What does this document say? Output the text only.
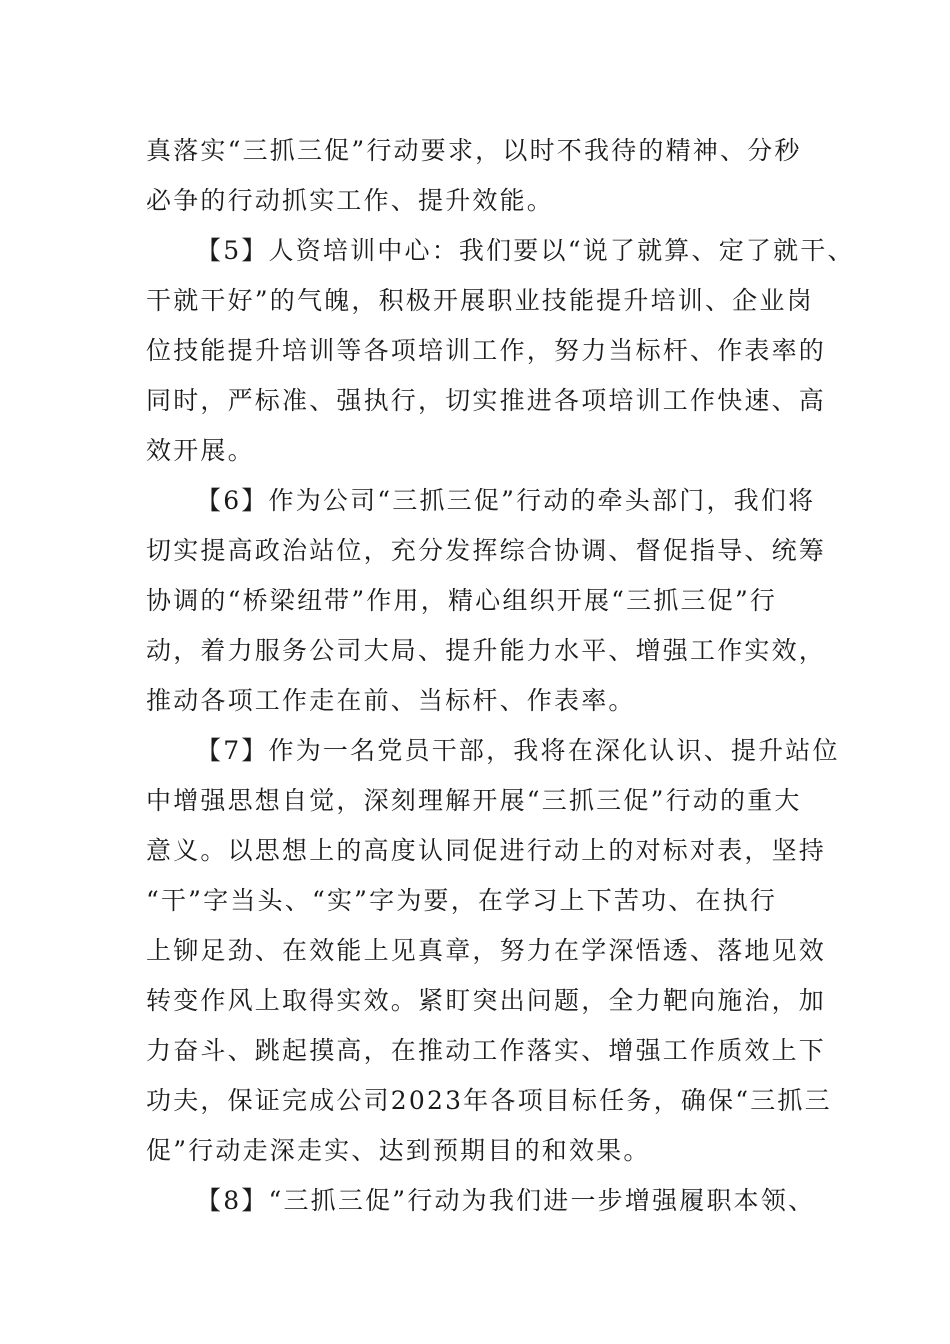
真落实“三抓三促”行动要求，以时不我待的精神、分秒
必争的行动抓实工作、提升效能。
【5】人资培训中心：我们要以“说了就算、定了就干、
干就干好”的气魄，积极开展职业技能提升培训、企业岗
位技能提升培训等各项培训工作，努力当标杆、作表率的
同时，严标准、强执行，切实推进各项培训工作快速、高
效开展。
【6】作为公司“三抓三促”行动的牵头部门，我们将
切实提高政治站位，充分发挥综合协调、督促指导、统筹
协调的“桥梁纽带”作用，精心组织开展“三抓三促”行
动，着力服务公司大局、提升能力水平、增强工作实效，
推动各项工作走在前、当标杆、作表率。
【7】作为一名党员干部，我将在深化认识、提升站位
中增强思想自觉，深刻理解开展“三抓三促”行动的重大
意义。以思想上的高度认同促进行动上的对标对表，坚持
“干”字当头、“实”字为要，在学习上下苦功、在执行
上铆足劲、在效能上见真章，努力在学深悟透、落地见效
转变作风上取得实效。紧盯突出问题，全力靶向施治，加
力奋斗、跳起摸高，在推动工作落实、增强工作质效上下
功夫，保证完成公司2023年各项目标任务，确保“三抓三
促”行动走深走实、达到预期目的和效果。
【8】“三抓三促”行动为我们进一步增强履职本领、
